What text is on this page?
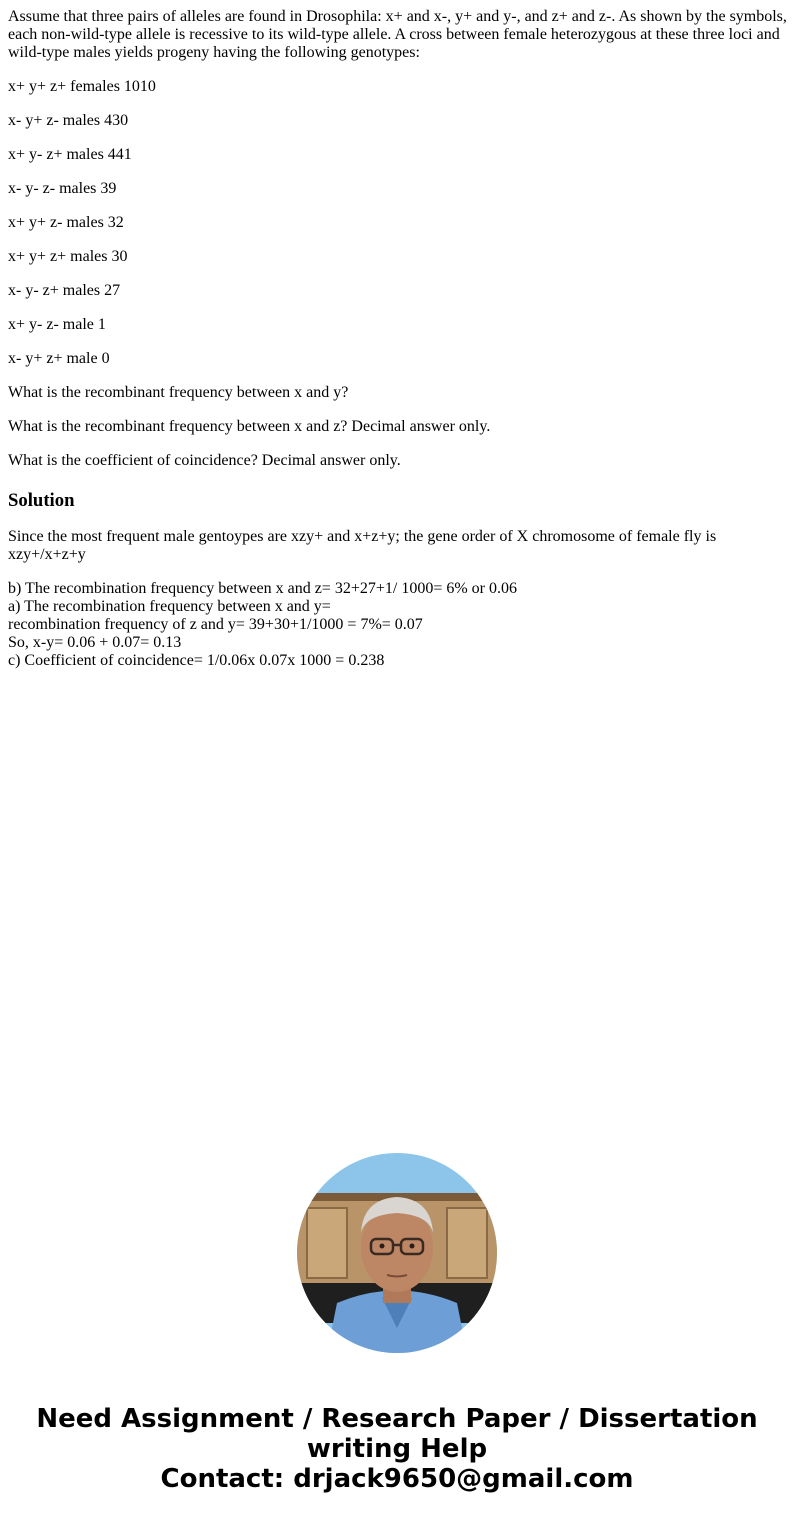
Assume that three pairs of alleles are found in Drosophila: x+ and x-, y+ and y-, and z+ and z-. As shown by the symbols, each non-wild-type allele is recessive to its wild-type allele. A cross between female heterozygous at these three loci and wild-type males yields progeny having the following genotypes:

x+ y+ z+ females 1010

x- y+ z- males 430

x+ y- z+ males 441

x- y- z- males 39

x+ y+ z- males 32

x+ y+ z+ males 30

x- y- z+ males 27

x+ y- z- male 1

x- y+ z+ male 0

What is the recombinant frequency between x and y?

What is the recombinant frequency between x and z? Decimal answer only.

What is the coefficient of coincidence? Decimal answer only.

Solution

Since the most frequent male gentoypes are xzy+ and x+z+y; the gene order of X chromosome of female fly is xzy+/x+z+y

b) The recombination frequency between x and z= 32+27+1/ 1000= 6% or 0.06
a) The recombination frequency between x and y=
recombination frequency of z and y= 39+30+1/1000 = 7%= 0.07
So, x-y= 0.06 + 0.07= 0.13
c) Coefficient of coincidence= 1/0.06x 0.07x 1000 = 0.238
Need Assignment / Research Paper / Dissertation
writing Help
Contact: drjack9650@gmail.com
